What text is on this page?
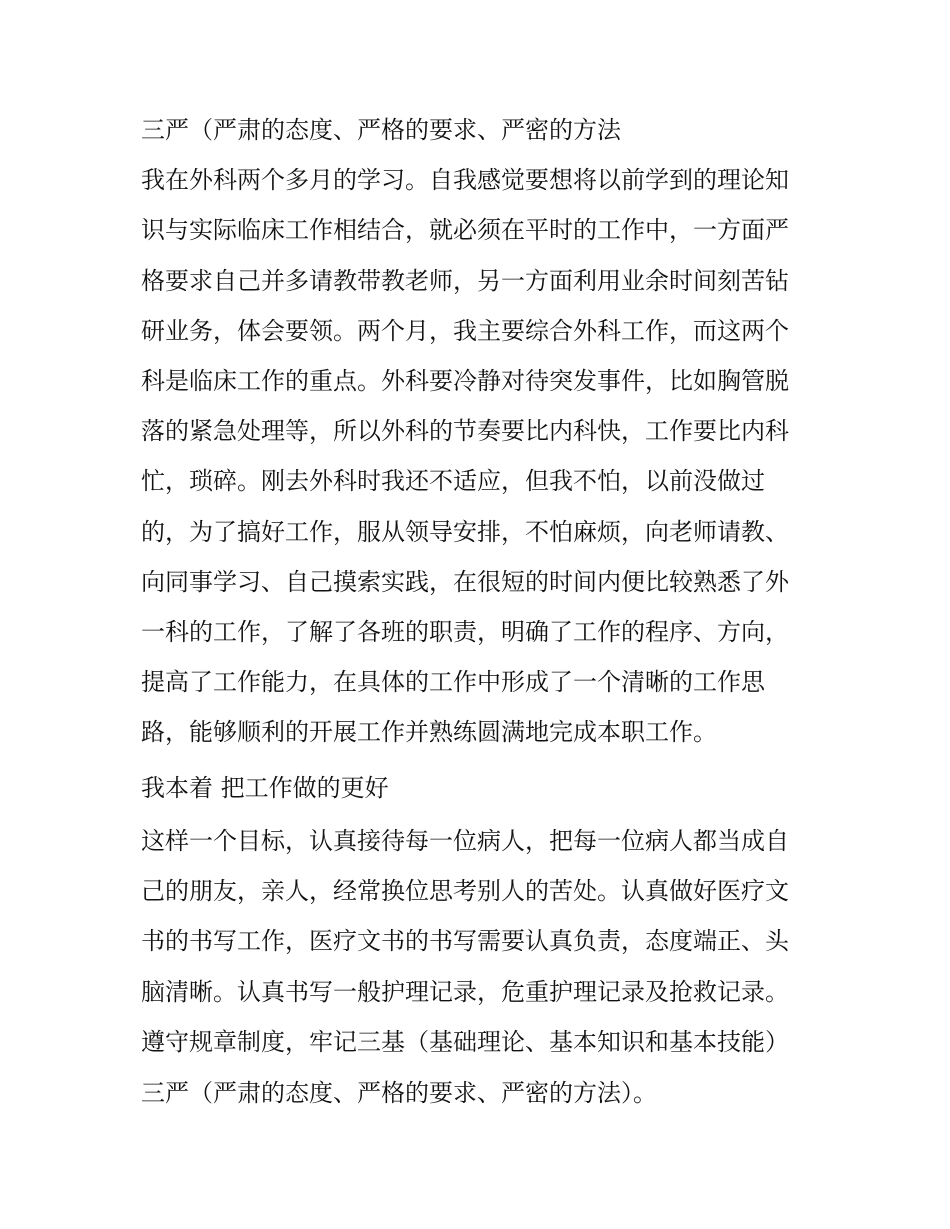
三严（严肃的态度、严格的要求、严密的方法

我在外科两个多月的学习。自我感觉要想将以前学到的理论知

识与实际临床工作相结合，就必须在平时的工作中，一方面严

格要求自己并多请教带教老师，另一方面利用业余时间刻苦钻

研业务，体会要领。两个月，我主要综合外科工作，而这两个

科是临床工作的重点。外科要冷静对待突发事件，比如胸管脱

落的紧急处理等，所以外科的节奏要比内科快，工作要比内科

忙，琐碎。刚去外科时我还不适应，但我不怕，以前没做过

的，为了搞好工作，服从领导安排，不怕麻烦，向老师请教、

向同事学习、自己摸索实践，在很短的时间内便比较熟悉了外

一科的工作，了解了各班的职责，明确了工作的程序、方向，

提高了工作能力，在具体的工作中形成了一个清晰的工作思

路，能够顺利的开展工作并熟练圆满地完成本职工作。

我本着 把工作做的更好

这样一个目标，认真接待每一位病人，把每一位病人都当成自

己的朋友，亲人，经常换位思考别人的苦处。认真做好医疗文

书的书写工作，医疗文书的书写需要认真负责，态度端正、头

脑清晰。认真书写一般护理记录，危重护理记录及抢救记录。

遵守规章制度，牢记三基（基础理论、基本知识和基本技能）

三严（严肃的态度、严格的要求、严密的方法）。
